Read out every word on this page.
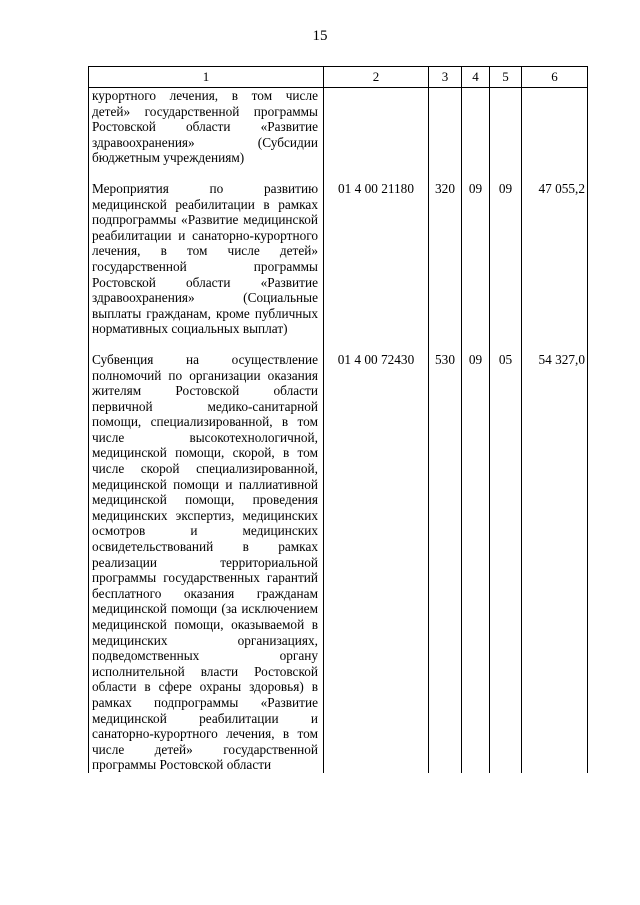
15
1	2	3	4	5	6
курортного лечения, в том числе детей» государственной программы Ростовской области «Развитие здравоохранения» (Субсидии бюджетным учреждениям)					

Мероприятия по развитию медицинской реабилитации в рамках подпрограммы «Развитие медицинской реабилитации и санаторно-курортного лечения, в том числе детей» государственной программы Ростовской области «Развитие здравоохранения» (Социальные выплаты гражданам, кроме публичных нормативных социальных выплат)	01 4 00 21180	320	09	09	47 055,2

Субвенция на осуществление полномочий по организации оказания жителям Ростовской области первичной медико-санитарной помощи, специализированной, в том числе высокотехнологичной, медицинской помощи, скорой, в том числе скорой специализированной, медицинской помощи и паллиативной медицинской помощи, проведения медицинских экспертиз, медицинских осмотров и медицинских освидетельствований в рамках реализации территориальной программы государственных гарантий бесплатного оказания гражданам медицинской помощи (за исключением медицинской помощи, оказываемой в медицинских организациях, подведомственных органу исполнительной власти Ростовской области в сфере охраны здоровья) в рамках подпрограммы «Развитие медицинской реабилитации и санаторно-курортного лечения, в том числе детей» государственной программы Ростовской области	01 4 00 72430	530	09	05	54 327,0
